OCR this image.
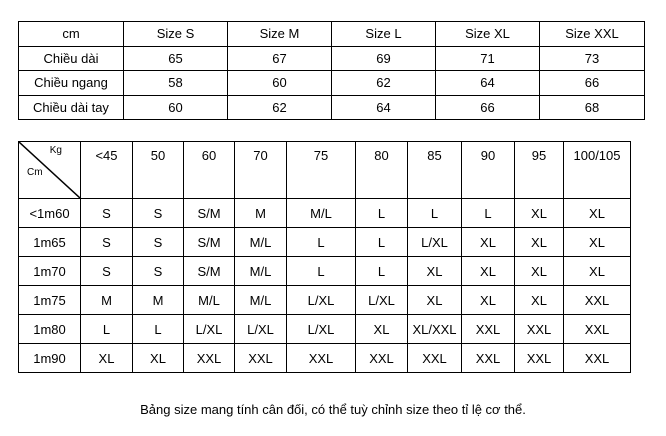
cm	Size S	Size M	Size L	Size XL	Size XXL
Chiều dài	65	67	69	71	73
Chiều ngang	58	60	62	64	66
Chiều dài tay	60	62	64	66	68
Kg
Cm	<45	50	60	70	75	80	85	90	95	100/105
<1m60	S	S	S/M	M	M/L	L	L	L	XL	XL
1m65	S	S	S/M	M/L	L	L	L/XL	XL	XL	XL
1m70	S	S	S/M	M/L	L	L	XL	XL	XL	XL
1m75	M	M	M/L	M/L	L/XL	L/XL	XL	XL	XL	XXL
1m80	L	L	L/XL	L/XL	L/XL	XL	XL/XXL	XXL	XXL	XXL
1m90	XL	XL	XXL	XXL	XXL	XXL	XXL	XXL	XXL	XXL
Bảng size mang tính cân đối, có thể tuỳ chỉnh size theo tỉ lệ cơ thể.
